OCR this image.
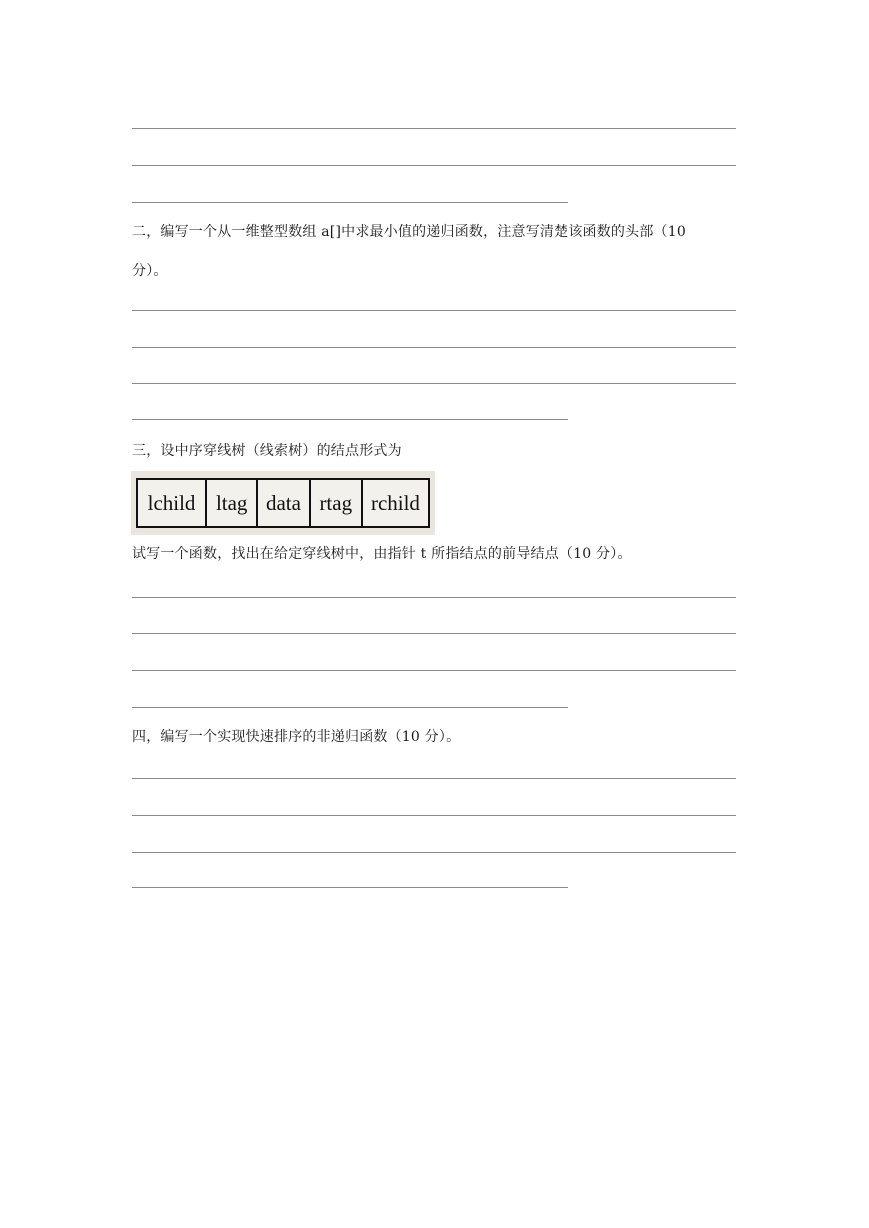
二，编写一个从一维整型数组 a[]中求最小值的递归函数，注意写清楚该函数的头部（10
分）。
三，设中序穿线树（线索树）的结点形式为
lchild ltag data rtag rchild
试写一个函数，找出在给定穿线树中，由指针 t 所指结点的前导结点（10 分）。
四，编写一个实现快速排序的非递归函数（10 分）。
